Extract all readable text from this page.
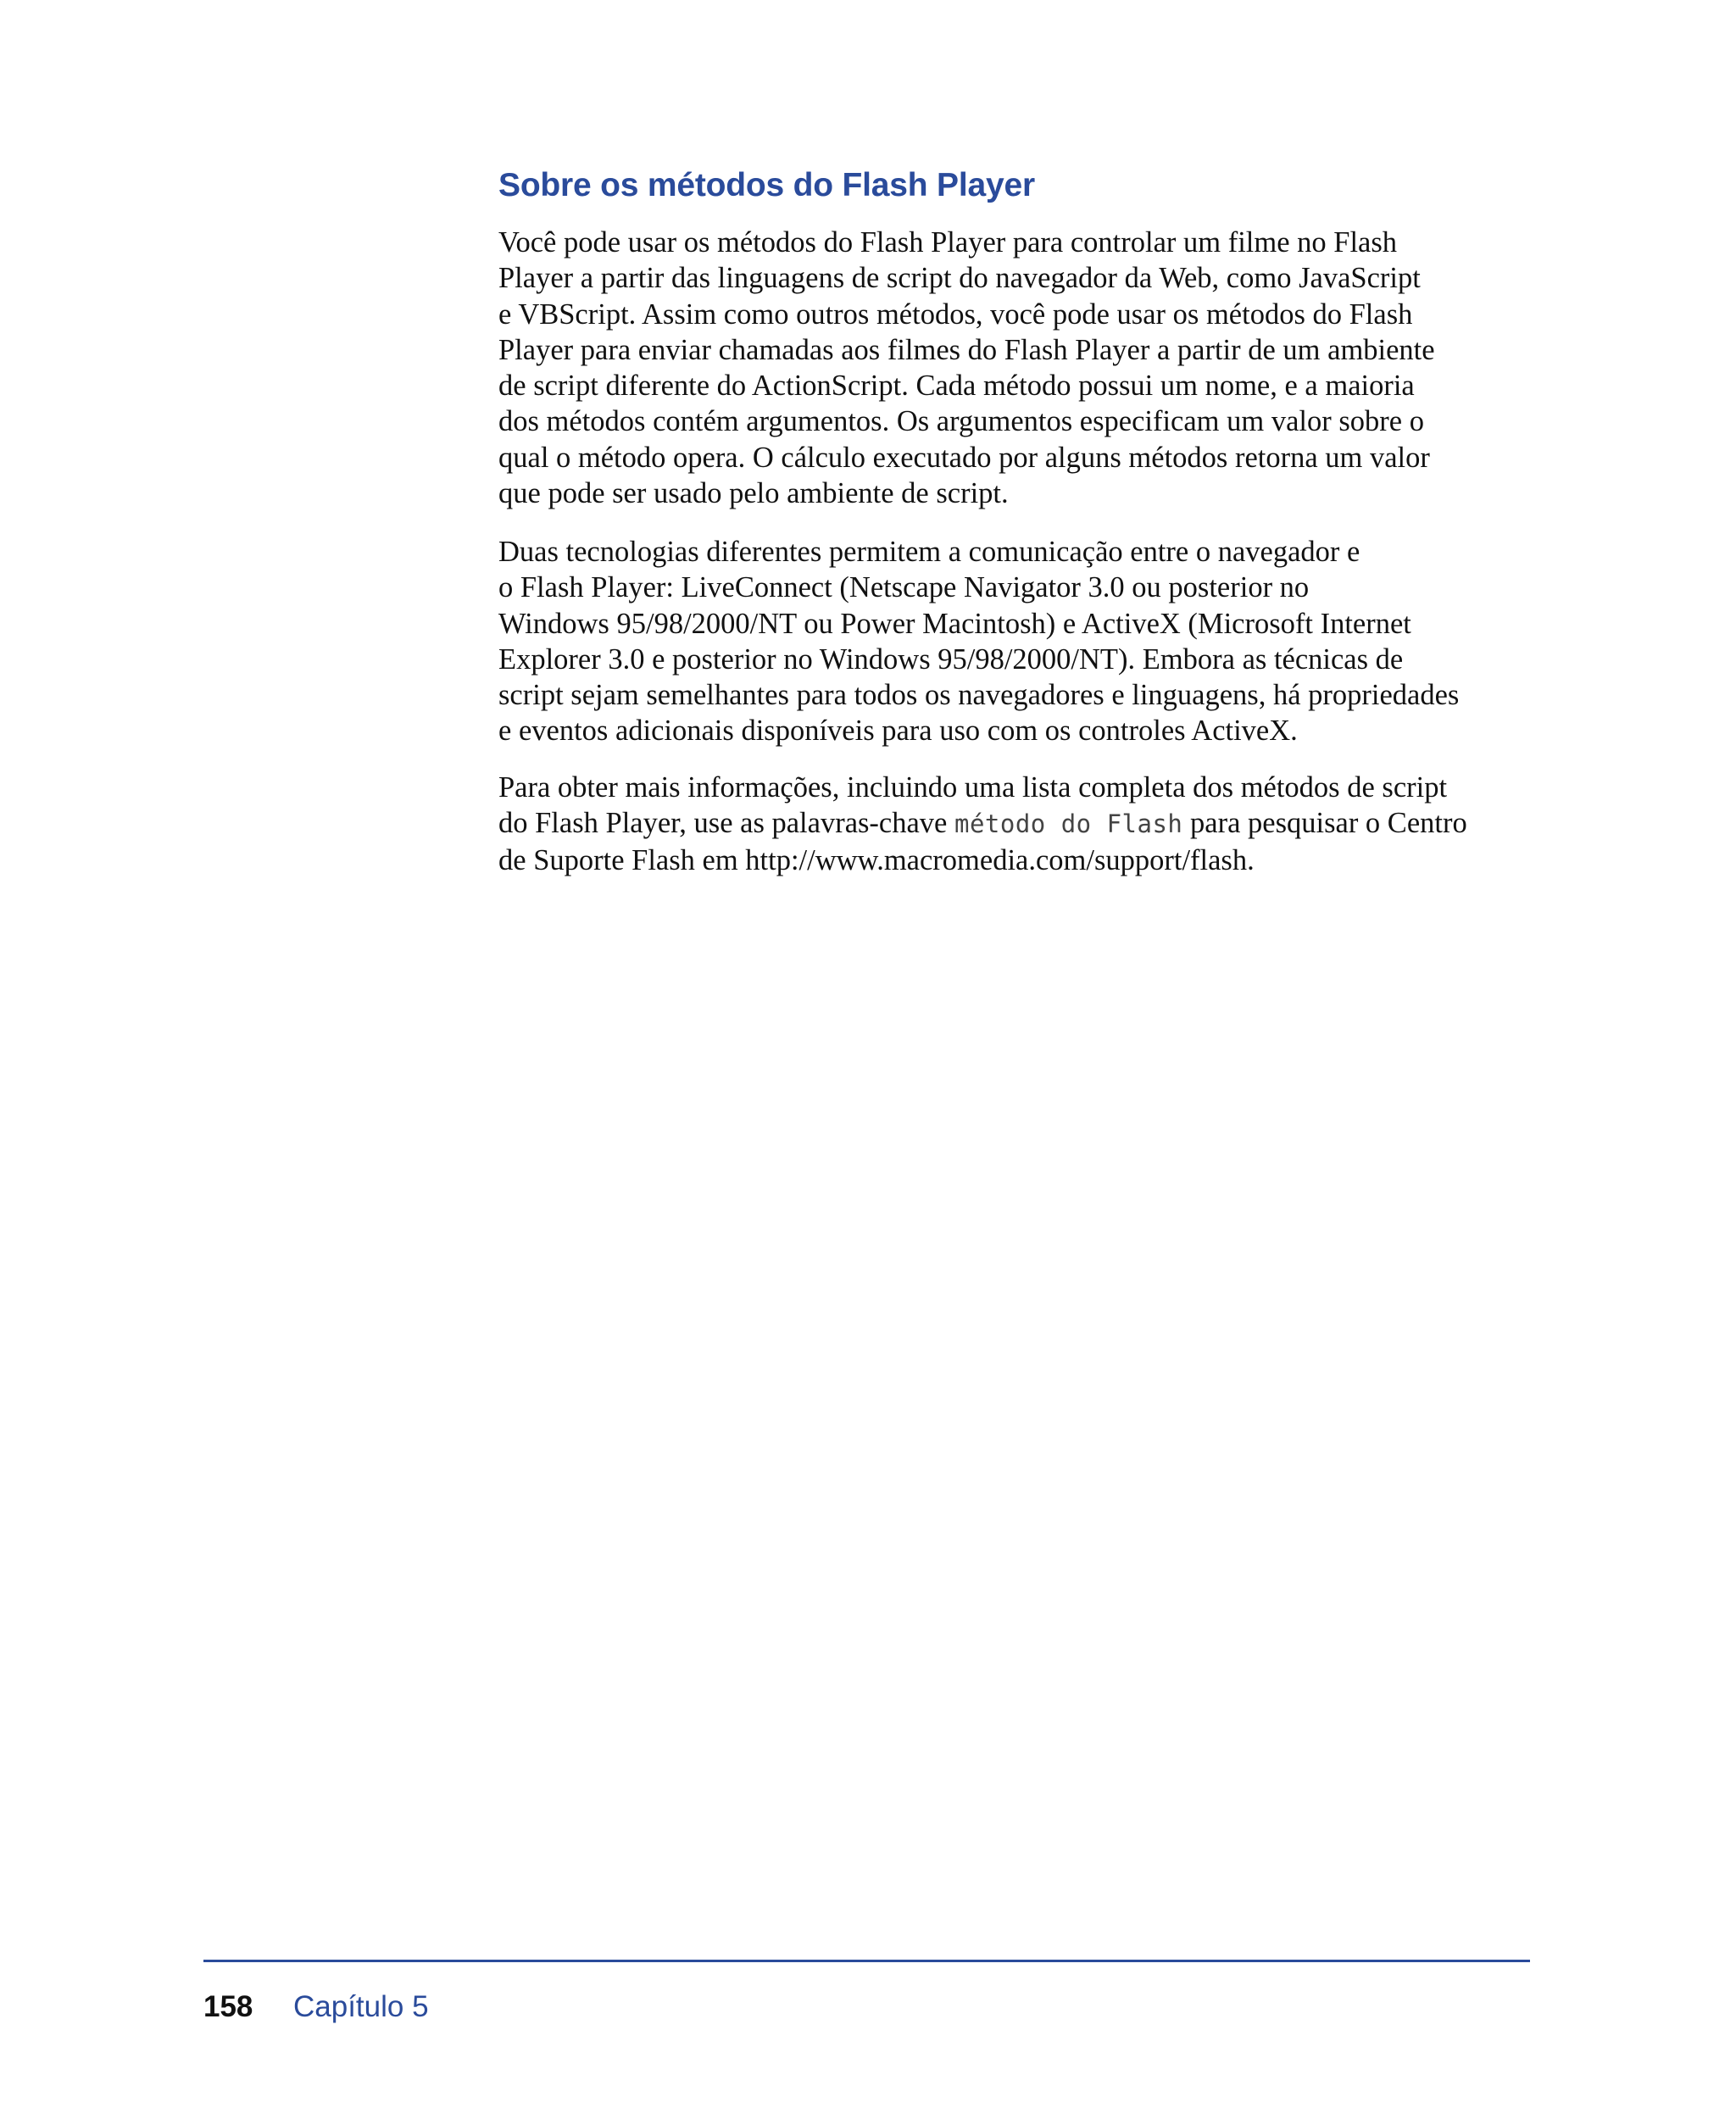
Sobre os métodos do Flash Player
Você pode usar os métodos do Flash Player para controlar um filme no Flash
Player a partir das linguagens de script do navegador da Web, como JavaScript
e VBScript. Assim como outros métodos, você pode usar os métodos do Flash
Player para enviar chamadas aos filmes do Flash Player a partir de um ambiente
de script diferente do ActionScript. Cada método possui um nome, e a maioria
dos métodos contém argumentos. Os argumentos especificam um valor sobre o
qual o método opera. O cálculo executado por alguns métodos retorna um valor
que pode ser usado pelo ambiente de script.
Duas tecnologias diferentes permitem a comunicação entre o navegador e
o Flash Player: LiveConnect (Netscape Navigator 3.0 ou posterior no
Windows 95/98/2000/NT ou Power Macintosh) e ActiveX (Microsoft Internet
Explorer 3.0 e posterior no Windows 95/98/2000/NT). Embora as técnicas de
script sejam semelhantes para todos os navegadores e linguagens, há propriedades
e eventos adicionais disponíveis para uso com os controles ActiveX.
Para obter mais informações, incluindo uma lista completa dos métodos de script
do Flash Player, use as palavras-chave método do Flash para pesquisar o Centro
de Suporte Flash em http://www.macromedia.com/support/flash.
158 Capítulo 5
